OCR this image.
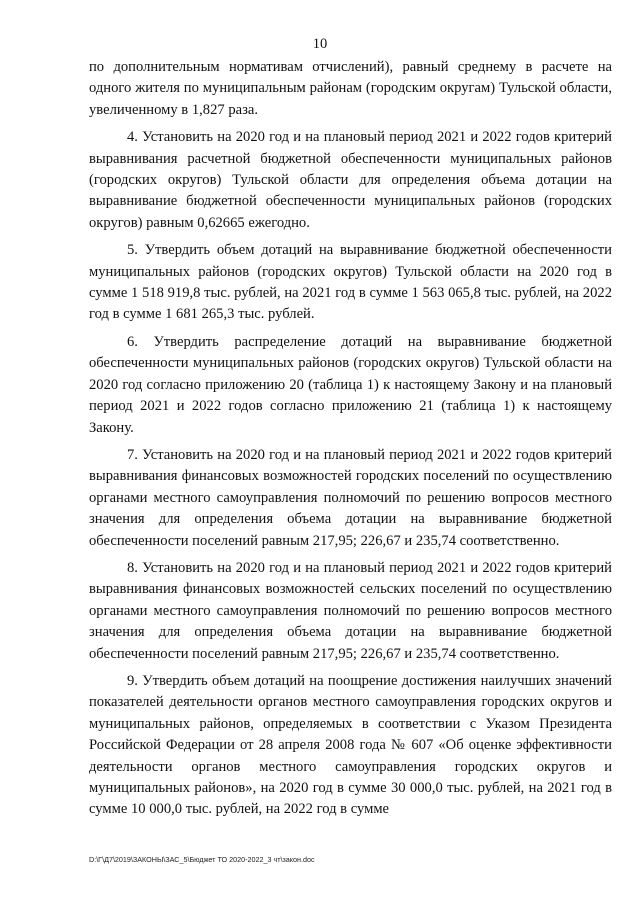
10

по дополнительным нормативам отчислений), равный среднему в расчете на одного жителя по муниципальным районам (городским округам) Тульской области, увеличенному в 1,827 раза.

4. Установить на 2020 год и на плановый период 2021 и 2022 годов критерий выравнивания расчетной бюджетной обеспеченности муниципальных районов (городских округов) Тульской области для определения объема дотации на выравнивание бюджетной обеспеченности муниципальных районов (городских округов) равным 0,62665 ежегодно.

5. Утвердить объем дотаций на выравнивание бюджетной обеспеченности муниципальных районов (городских округов) Тульской области на 2020 год в сумме 1 518 919,8 тыс. рублей, на 2021 год в сумме 1 563 065,8 тыс. рублей, на 2022 год в сумме 1 681 265,3 тыс. рублей.

6. Утвердить распределение дотаций на выравнивание бюджетной обеспеченности муниципальных районов (городских округов) Тульской области на 2020 год согласно приложению 20 (таблица 1) к настоящему Закону и на плановый период 2021 и 2022 годов согласно приложению 21 (таблица 1) к настоящему Закону.

7. Установить на 2020 год и на плановый период 2021 и 2022 годов критерий выравнивания финансовых возможностей городских поселений по осуществлению органами местного самоуправления полномочий по решению вопросов местного значения для определения объема дотации на выравнивание бюджетной обеспеченности поселений равным 217,95; 226,67 и 235,74 соответственно.

8. Установить на 2020 год и на плановый период 2021 и 2022 годов критерий выравнивания финансовых возможностей сельских поселений по осуществлению органами местного самоуправления полномочий по решению вопросов местного значения для определения объема дотации на выравнивание бюджетной обеспеченности поселений равным 217,95; 226,67 и 235,74 соответственно.

9. Утвердить объем дотаций на поощрение достижения наилучших значений показателей деятельности органов местного самоуправления городских округов и муниципальных районов, определяемых в соответствии с Указом Президента Российской Федерации от 28 апреля 2008 года № 607 «Об оценке эффективности деятельности органов местного самоуправления городских округов и муниципальных районов», на 2020 год в сумме 30 000,0 тыс. рублей, на 2021 год в сумме 10 000,0 тыс. рублей, на 2022 год в сумме

D:\Г\Д7\2019\ЗАКОНЫ\ЗАС_5\Бюджет ТО 2020-2022_3 чт\закон.doc
